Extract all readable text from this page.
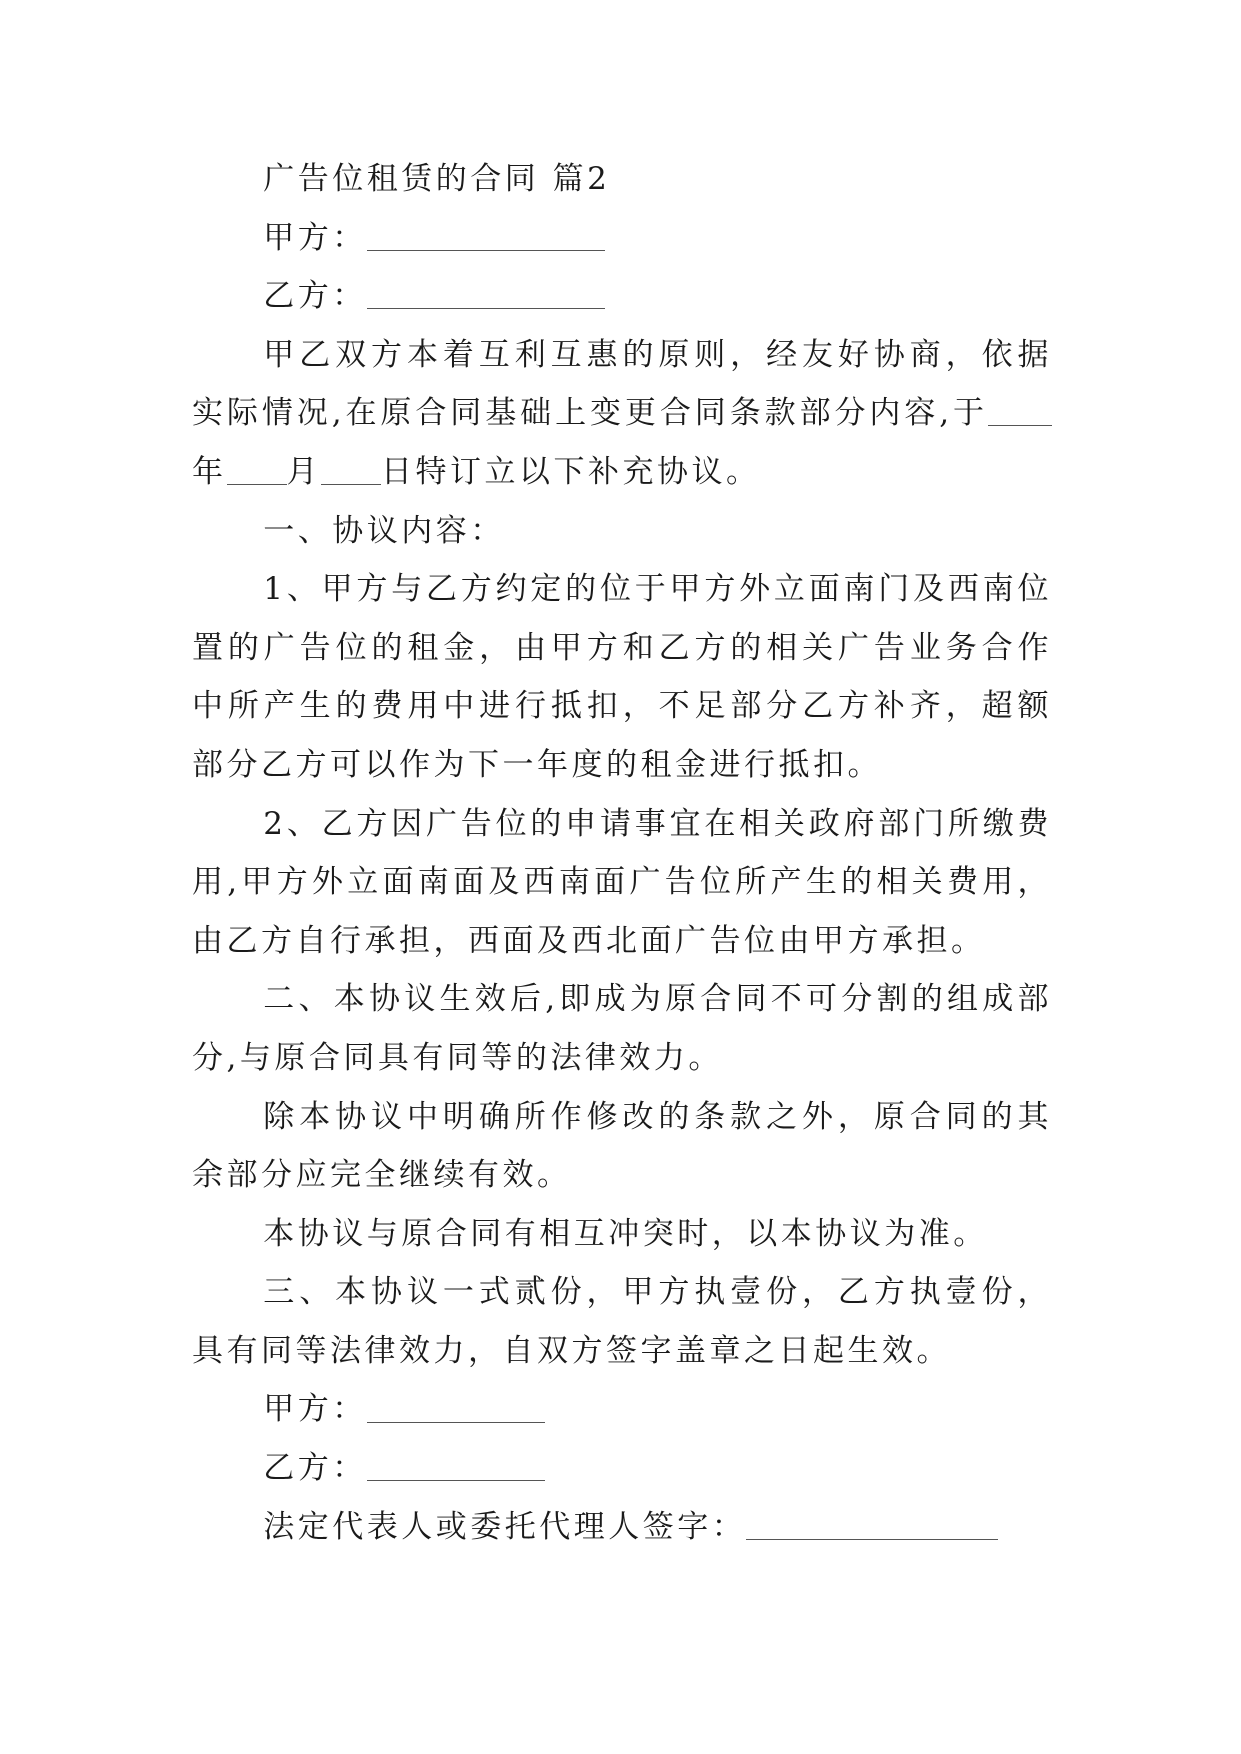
广告位租赁的合同 篇2

甲方：

乙方：

甲乙双方本着互利互惠的原则，经友好协商，依据实际情况,在原合同基础上变更合同条款部分内容,于年 月 日特订立以下补充协议。

一、协议内容：

1、甲方与乙方约定的位于甲方外立面南门及西南位置的广告位的租金，由甲方和乙方的相关广告业务合作中所产生的费用中进行抵扣，不足部分乙方补齐，超额部分乙方可以作为下一年度的租金进行抵扣。

2、乙方因广告位的申请事宜在相关政府部门所缴费用,甲方外立面南面及西南面广告位所产生的相关费用，由乙方自行承担，西面及西北面广告位由甲方承担。

二、本协议生效后,即成为原合同不可分割的组成部分,与原合同具有同等的法律效力。

除本协议中明确所作修改的条款之外，原合同的其余部分应完全继续有效。

本协议与原合同有相互冲突时，以本协议为准。

三、本协议一式贰份，甲方执壹份，乙方执壹份，具有同等法律效力，自双方签字盖章之日起生效。

甲方：

乙方：

法定代表人或委托代理人签字：
